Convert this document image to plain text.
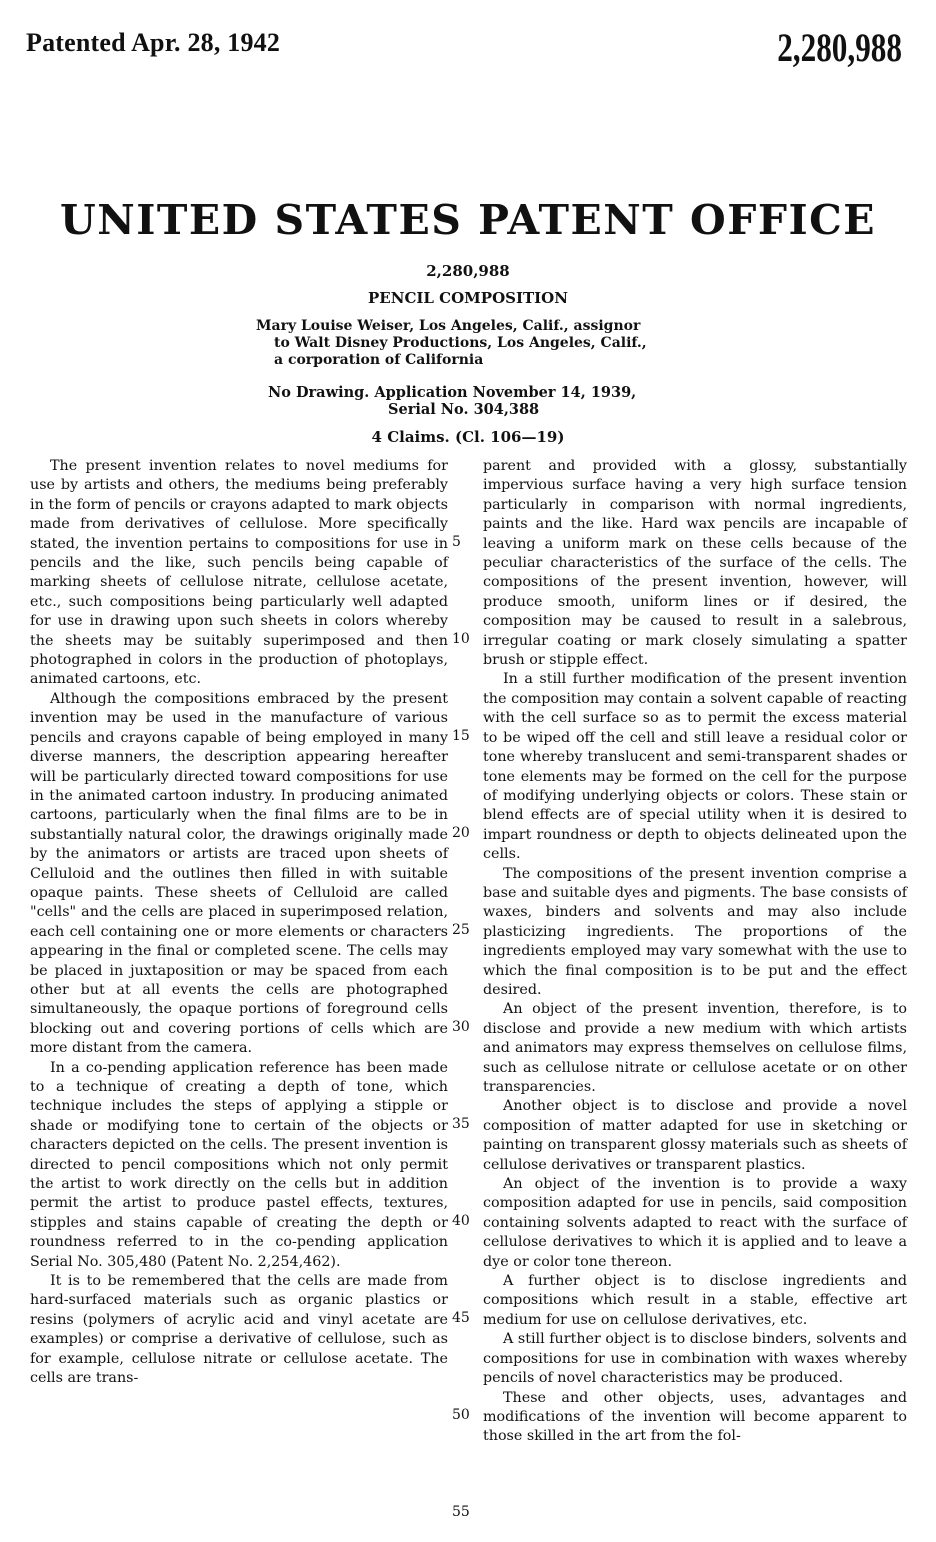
Patented Apr. 28, 1942	2,280,988
UNITED STATES PATENT OFFICE
2,280,988
PENCIL COMPOSITION
Mary Louise Weiser, Los Angeles, Calif., assignor
to Walt Disney Productions, Los Angeles, Calif.,
a corporation of California
No Drawing. Application November 14, 1939,
Serial No. 304,388
4 Claims. (Cl. 106—19)

The present invention relates to novel mediums for use by artists and others, the mediums being preferably in the form of pencils or crayons adapted to mark objects made from derivatives of cellulose. More specifically stated, the invention pertains to compositions for use in pencils and the like, such pencils being capable of marking sheets of cellulose nitrate, cellulose acetate, etc., such compositions being particularly well adapted for use in drawing upon such sheets in colors whereby the sheets may be suitably superimposed and then photographed in colors in the production of photoplays, animated cartoons, etc.

Although the compositions embraced by the present invention may be used in the manufacture of various pencils and crayons capable of being employed in many diverse manners, the description appearing hereafter will be particularly directed toward compositions for use in the animated cartoon industry. In producing animated cartoons, particularly when the final films are to be in substantially natural color, the drawings originally made by the animators or artists are traced upon sheets of Celluloid and the outlines then filled in with suitable opaque paints. These sheets of Celluloid are called "cells" and the cells are placed in superimposed relation, each cell containing one or more elements or characters appearing in the final or completed scene. The cells may be placed in juxtaposition or may be spaced from each other but at all events the cells are photographed simultaneously, the opaque portions of foreground cells blocking out and covering portions of cells which are more distant from the camera.

In a co-pending application reference has been made to a technique of creating a depth of tone, which technique includes the steps of applying a stipple or shade or modifying tone to certain of the objects or characters depicted on the cells. The present invention is directed to pencil compositions which not only permit the artist to work directly on the cells but in addition permit the artist to produce pastel effects, textures, stipples and stains capable of creating the depth or roundness referred to in the co-pending application Serial No. 305,480 (Patent No. 2,254,462).

It is to be remembered that the cells are made from hard-surfaced materials such as organic plastics or resins (polymers of acrylic acid and vinyl acetate are examples) or comprise a derivative of cellulose, such as for example, cellulose nitrate or cellulose acetate. The cells are trans-

5
10
15
20
25
30
35
40
45
50
55

parent and provided with a glossy, substantially impervious surface having a very high surface tension particularly in comparison with normal ingredients, paints and the like. Hard wax pencils are incapable of leaving a uniform mark on these cells because of the peculiar characteristics of the surface of the cells. The compositions of the present invention, however, will produce smooth, uniform lines or if desired, the composition may be caused to result in a salebrous, irregular coating or mark closely simulating a spatter brush or stipple effect.

In a still further modification of the present invention the composition may contain a solvent capable of reacting with the cell surface so as to permit the excess material to be wiped off the cell and still leave a residual color or tone whereby translucent and semi-transparent shades or tone elements may be formed on the cell for the purpose of modifying underlying objects or colors. These stain or blend effects are of special utility when it is desired to impart roundness or depth to objects delineated upon the cells.

The compositions of the present invention comprise a base and suitable dyes and pigments. The base consists of waxes, binders and solvents and may also include plasticizing ingredients. The proportions of the ingredients employed may vary somewhat with the use to which the final composition is to be put and the effect desired.

An object of the present invention, therefore, is to disclose and provide a new medium with which artists and animators may express themselves on cellulose films, such as cellulose nitrate or cellulose acetate or on other transparencies.

Another object is to disclose and provide a novel composition of matter adapted for use in sketching or painting on transparent glossy materials such as sheets of cellulose derivatives or transparent plastics.

An object of the invention is to provide a waxy composition adapted for use in pencils, said composition containing solvents adapted to react with the surface of cellulose derivatives to which it is applied and to leave a dye or color tone thereon.

A further object is to disclose ingredients and compositions which result in a stable, effective art medium for use on cellulose derivatives, etc.

A still further object is to disclose binders, solvents and compositions for use in combination with waxes whereby pencils of novel characteristics may be produced.

These and other objects, uses, advantages and modifications of the invention will become apparent to those skilled in the art from the fol-
